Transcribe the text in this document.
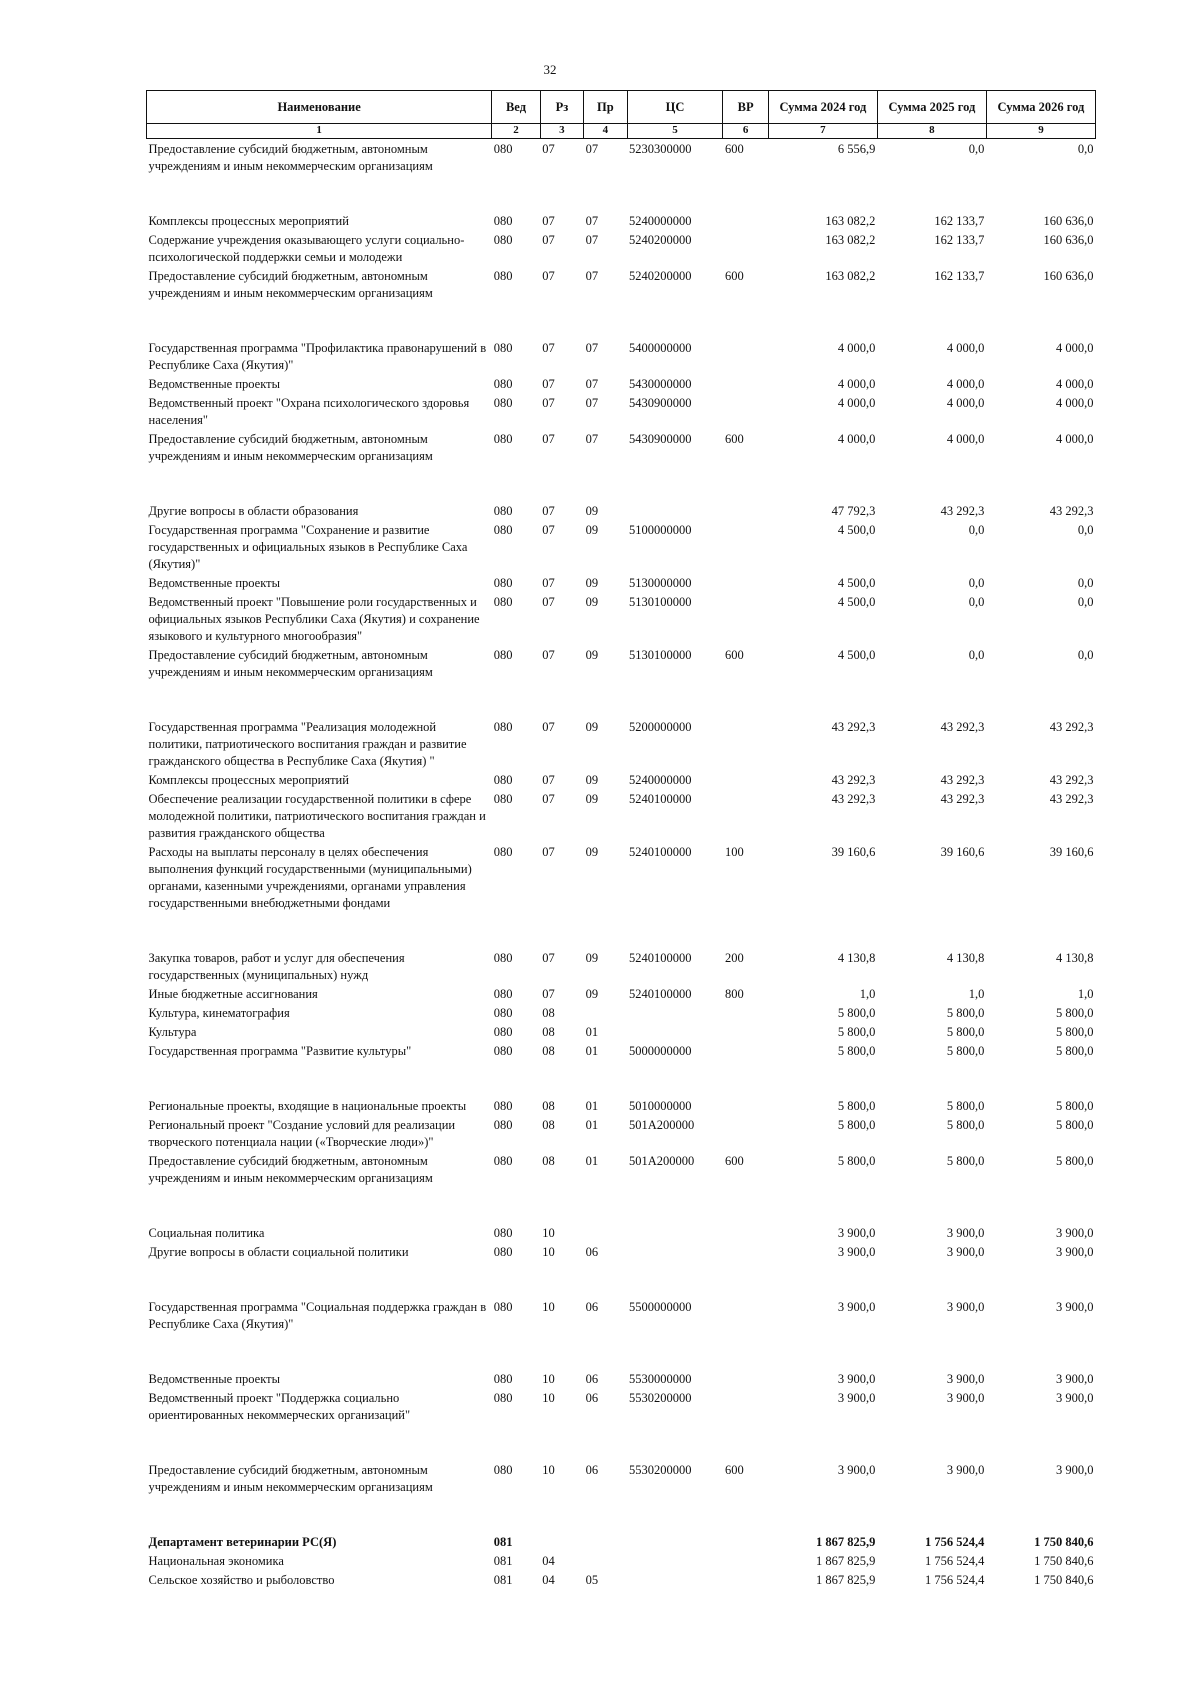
32
Наименование	Вед	Рз	Пр	ЦС	ВР	Сумма 2024 год	Сумма 2025 год	Сумма 2026 год
1	2	3	4	5	6	7	8	9
Предоставление субсидий бюджетным, автономным учреждениям и иным некоммерческим организациям	080	07	07	5230300000	600	6 556,9	0,0	0,0
Комплексы процессных мероприятий	080	07	07	5240000000		163 082,2	162 133,7	160 636,0
Содержание учреждения оказывающего услуги социально-психологической поддержки семьи и молодежи	080	07	07	5240200000		163 082,2	162 133,7	160 636,0
Предоставление субсидий бюджетным, автономным учреждениям и иным некоммерческим организациям	080	07	07	5240200000	600	163 082,2	162 133,7	160 636,0
Государственная программа "Профилактика правонарушений в Республике Саха (Якутия)"	080	07	07	5400000000		4 000,0	4 000,0	4 000,0
Ведомственные проекты	080	07	07	5430000000		4 000,0	4 000,0	4 000,0
Ведомственный проект "Охрана психологического здоровья населения"	080	07	07	5430900000		4 000,0	4 000,0	4 000,0
Предоставление субсидий бюджетным, автономным учреждениям и иным некоммерческим организациям	080	07	07	5430900000	600	4 000,0	4 000,0	4 000,0
Другие вопросы в области образования	080	07	09			47 792,3	43 292,3	43 292,3
Государственная программа "Сохранение и развитие государственных и официальных языков в Республике Саха (Якутия)"	080	07	09	5100000000		4 500,0	0,0	0,0
Ведомственные проекты	080	07	09	5130000000		4 500,0	0,0	0,0
Ведомственный проект "Повышение роли государственных и официальных языков Республики Саха (Якутия) и сохранение языкового и культурного многообразия"	080	07	09	5130100000		4 500,0	0,0	0,0
Предоставление субсидий бюджетным, автономным учреждениям и иным некоммерческим организациям	080	07	09	5130100000	600	4 500,0	0,0	0,0
Государственная программа "Реализация молодежной политики, патриотического воспитания граждан и развитие гражданского общества в Республике Саха (Якутия) "	080	07	09	5200000000		43 292,3	43 292,3	43 292,3
Комплексы процессных мероприятий	080	07	09	5240000000		43 292,3	43 292,3	43 292,3
Обеспечение реализации государственной политики в сфере молодежной политики, патриотического воспитания граждан и развития гражданского общества	080	07	09	5240100000		43 292,3	43 292,3	43 292,3
Расходы на выплаты персоналу в целях обеспечения выполнения функций государственными (муниципальными) органами, казенными учреждениями, органами управления государственными внебюджетными фондами	080	07	09	5240100000	100	39 160,6	39 160,6	39 160,6
Закупка товаров, работ и услуг для обеспечения государственных (муниципальных) нужд	080	07	09	5240100000	200	4 130,8	4 130,8	4 130,8
Иные бюджетные ассигнования	080	07	09	5240100000	800	1,0	1,0	1,0
Культура, кинематография	080	08				5 800,0	5 800,0	5 800,0
Культура	080	08	01			5 800,0	5 800,0	5 800,0
Государственная программа "Развитие культуры"	080	08	01	5000000000		5 800,0	5 800,0	5 800,0
Региональные проекты, входящие в национальные проекты	080	08	01	5010000000		5 800,0	5 800,0	5 800,0
Региональный проект "Создание условий для реализации творческого потенциала нации («Творческие люди»)"	080	08	01	501A200000		5 800,0	5 800,0	5 800,0
Предоставление субсидий бюджетным, автономным учреждениям и иным некоммерческим организациям	080	08	01	501A200000	600	5 800,0	5 800,0	5 800,0
Социальная политика	080	10				3 900,0	3 900,0	3 900,0
Другие вопросы в области социальной политики	080	10	06			3 900,0	3 900,0	3 900,0
Государственная программа "Социальная поддержка граждан в Республике Саха (Якутия)"	080	10	06	5500000000		3 900,0	3 900,0	3 900,0
Ведомственные проекты	080	10	06	5530000000		3 900,0	3 900,0	3 900,0
Ведомственный проект "Поддержка социально ориентированных некоммерческих организаций"	080	10	06	5530200000		3 900,0	3 900,0	3 900,0
Предоставление субсидий бюджетным, автономным учреждениям и иным некоммерческим организациям	080	10	06	5530200000	600	3 900,0	3 900,0	3 900,0
Департамент ветеринарии РС(Я)	081					1 867 825,9	1 756 524,4	1 750 840,6
Национальная экономика	081	04				1 867 825,9	1 756 524,4	1 750 840,6
Сельское хозяйство и рыболовство	081	04	05			1 867 825,9	1 756 524,4	1 750 840,6
